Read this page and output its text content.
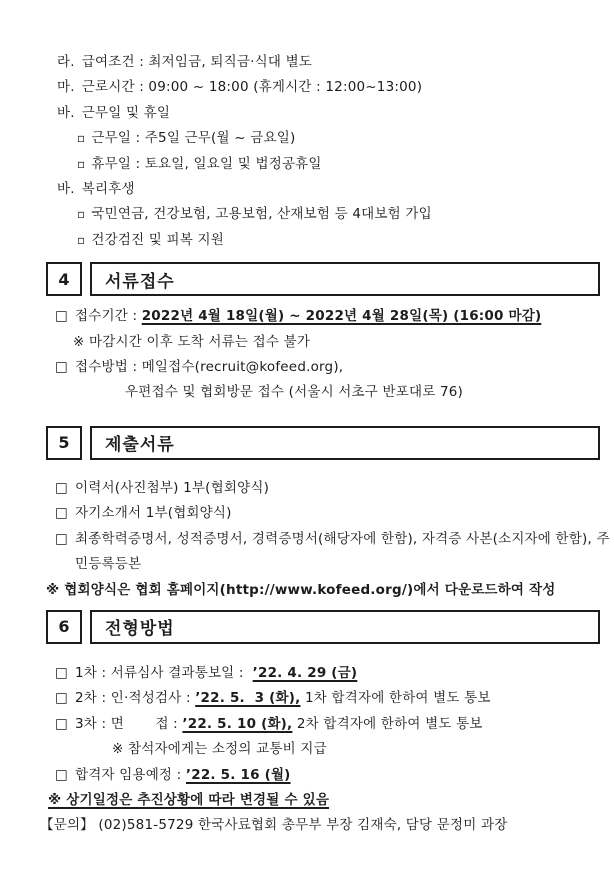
라. 급여조건 : 최저임금, 퇴직금·식대 별도
마. 근로시간 : 09:00 ~ 18:00 (휴게시간 : 12:00~13:00)
바. 근무일 및 휴일
▫ 근무일 : 주5일 근무(월 ~ 금요일)
▫ 휴무일 : 토요일, 일요일 및 법정공휴일
바. 복리후생
▫ 국민연금, 건강보험, 고용보험, 산재보험 등 4대보험 가입
▫ 건강검진 및 피복 지원
4 서류접수
□ 접수기간 : 2022년 4월 18일(월) ~ 2022년 4월 28일(목) (16:00 마감)
※ 마감시간 이후 도착 서류는 접수 불가
□ 접수방법 : 메일접수(recruit@kofeed.org),
우편접수 및 협회방문 접수 (서울시 서초구 반포대로 76)
5 제출서류
□ 이력서(사진첨부) 1부(협회양식)
□ 자기소개서 1부(협회양식)
□ 최종학력증명서, 성적증명서, 경력증명서(해당자에 한함), 자격증 사본(소지자에 한함), 주민등록등본
※ 협회양식은 협회 홈페이지(http://www.kofeed.org/)에서 다운로드하여 작성
6 전형방법
□ 1차 : 서류심사 결과통보일 :  ’22. 4. 29 (금)
□ 2차 : 인·적성검사 : ’22. 5.  3 (화), 1차 합격자에 한하여 별도 통보
□ 3차 : 면       접 : ’22. 5. 10 (화), 2차 합격자에 한하여 별도 통보
※ 참석자에게는 소정의 교통비 지급
□ 합격자 임용예정 : ’22. 5. 16 (월)
※ 상기일정은 추진상황에 따라 변경될 수 있음
【문의】 (02)581-5729 한국사료협회 총무부 부장 김재숙, 담당 문정미 과장
